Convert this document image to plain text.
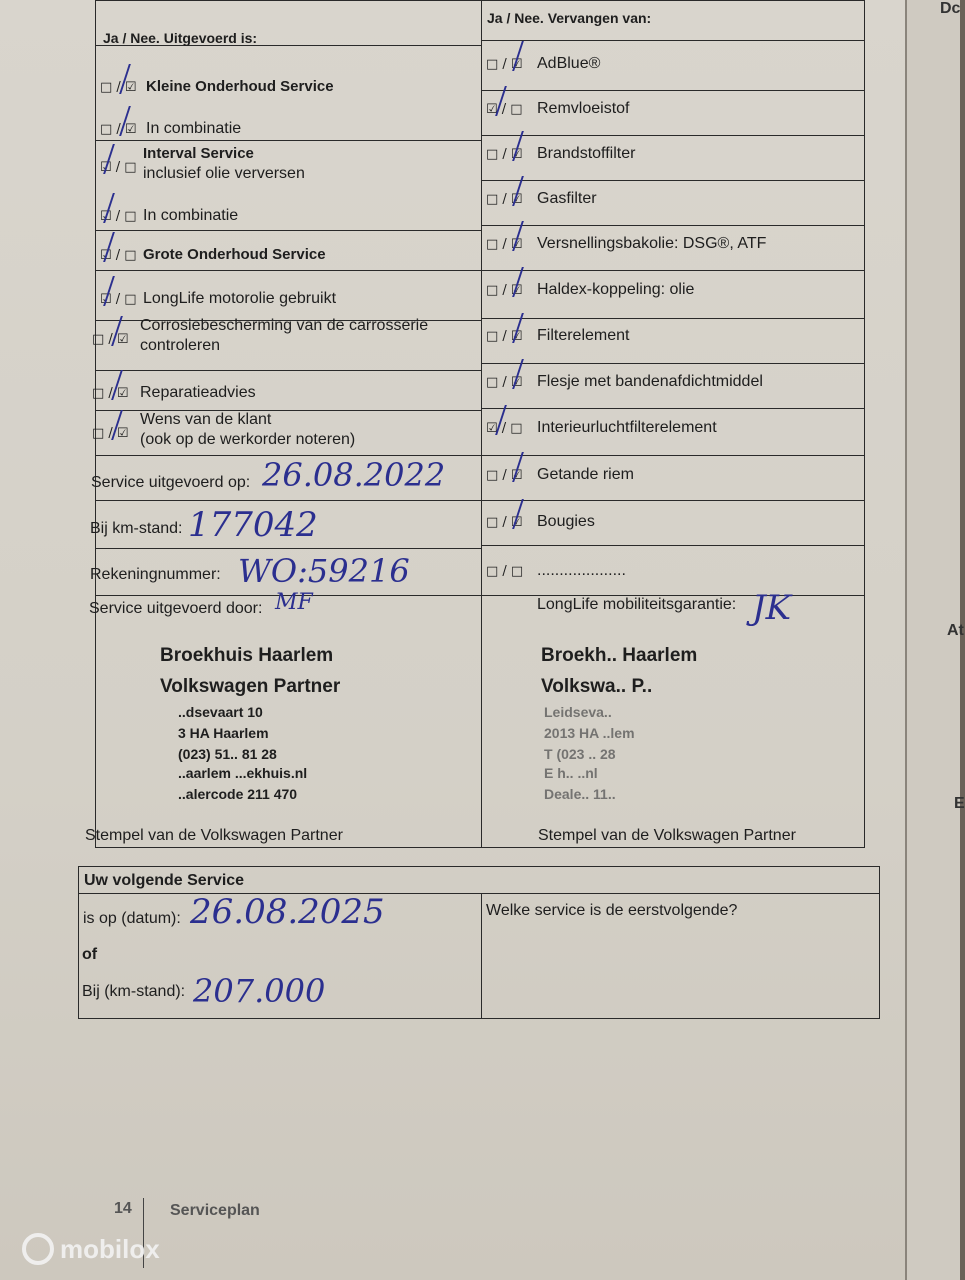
Ja / Nee. Uitgevoerd is:
Ja / Nee. Vervangen van:
□ / ☑ Kleine Onderhoud Service
□ / ☑ In combinatie
☑ / □
Interval Service
inclusief olie verversen
☑ / □ In combinatie
☑ / □ Grote Onderhoud Service
☑ / □ LongLife motorolie gebruikt
□ / ☑
Corrosiebescherming van de carrosserie
controleren
□ / ☑ Reparatieadvies
□ / ☑
Wens van de klant
(ook op de werkorder noteren)
□ / ☑ AdBlue®
☑ / □ Remvloeistof
□ / ☑ Brandstoffilter
□ / ☑ Gasfilter
□ / ☑ Versnellingsbakolie: DSG®, ATF
□ / ☑ Haldex-koppeling: olie
□ / ☑ Filterelement
□ / ☑ Flesje met bandenafdichtmiddel
☑ / □ Interieurluchtfilterelement
□ / ☑ Getande riem
□ / ☑ Bougies
□ / □ ....................
Service uitgevoerd op: 26.08.2022
Bij km-stand: 177042
Rekeningnummer: WO:59216
Service uitgevoerd door: MF	LongLife mobiliteitsgarantie: JK
Broekhuis Haarlem
Volkswagen Partner
..dsevaart 10
3 HA Haarlem
(023) 51.. 81 28
..aarlem ...ekhuis.nl
..alercode 211 470
Broekh.. Haarlem
Volkswa.. P..
Leidseva..
2013 HA ..lem
T (023 .. 28
E h.. ..nl
Deale.. 11..
Stempel van de Volkswagen Partner	Stempel van de Volkswagen Partner
Uw volgende Service
is op (datum): 26.08.2025
of
Bij (km-stand): 207.000
Welke service is de eerstvolgende?
14 Serviceplan
Dc
At
E
mobilox
